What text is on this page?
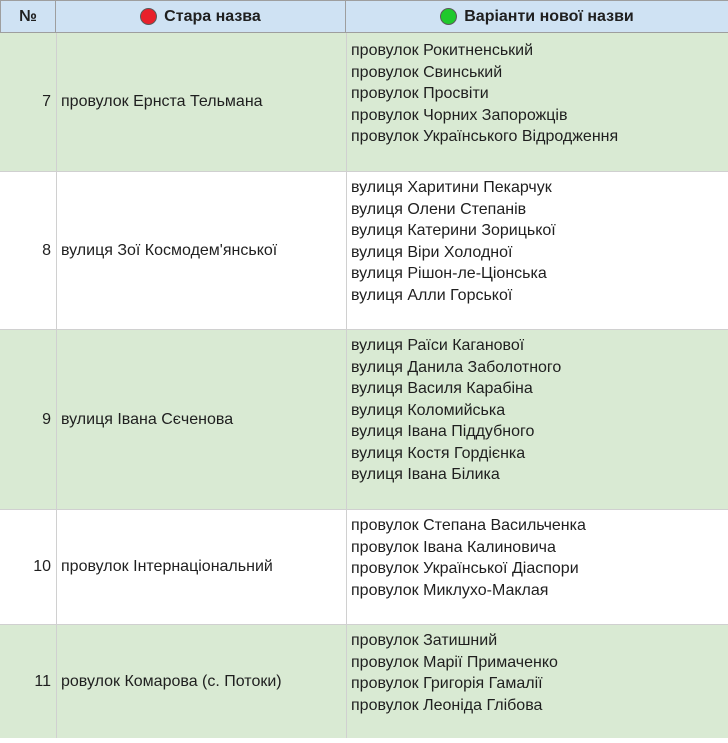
№	Стара назва	Варіанти нової назви
7 провулок Ернста Тельмана
провулок Рокитненський
провулок Свинський
провулок Просвіти
провулок Чорних Запорожців
провулок Українського Відродження
8 вулиця Зої Космодем'янської
вулиця Харитини Пекарчук
вулиця Олени Степанів
вулиця Катерини Зорицької
вулиця Віри Холодної
вулиця Рішон-ле-Ціонська
вулиця Алли Горської
9 вулиця Івана Сєченова
вулиця Раїси Каганової
вулиця Данила Заболотного
вулиця Василя Карабіна
вулиця Коломийська
вулиця Івана Піддубного
вулиця Костя Гордієнка
вулиця Івана Білика
10 провулок Інтернаціональний
провулок Степана Васильченка
провулок Івана Калиновича
провулок Української Діаспори
провулок Миклухо-Маклая
11 ровулок Комарова (с. Потоки)
провулок Затишний
провулок Марії Примаченко
провулок Григорія Гамалії
провулок Леоніда Глібова
